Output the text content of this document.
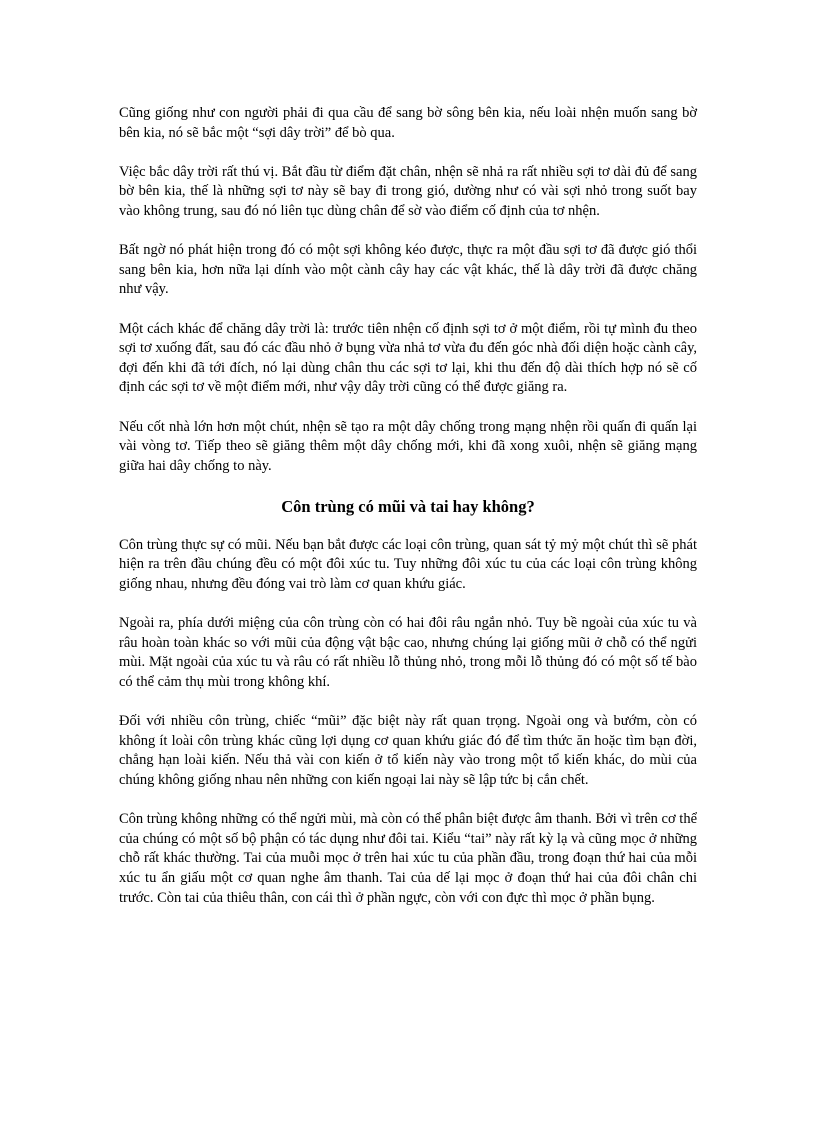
Cũng giống như con người phải đi qua cầu để sang bờ sông bên kia, nếu loài nhện muốn sang bờ bên kia, nó sẽ bắc một “sợi dây trời” để bò qua.

Việc bắc dây trời rất thú vị. Bắt đầu từ điểm đặt chân, nhện sẽ nhả ra rất nhiều sợi tơ dài đủ để sang bờ bên kia, thế là những sợi tơ này sẽ bay đi trong gió, dường như có vài sợi nhỏ trong suốt bay vào không trung, sau đó nó liên tục dùng chân để sờ vào điểm cố định của tơ nhện.

Bất ngờ nó phát hiện trong đó có một sợi không kéo được, thực ra một đầu sợi tơ đã được gió thổi sang bên kia, hơn nữa lại dính vào một cành cây hay các vật khác, thế là dây trời đã được chăng như vậy.

Một cách khác để chăng dây trời là: trước tiên nhện cố định sợi tơ ở một điểm, rồi tự mình đu theo sợi tơ xuống đất, sau đó các đầu nhỏ ở bụng vừa nhả tơ vừa đu đến góc nhà đối diện hoặc cành cây, đợi đến khi đã tới đích, nó lại dùng chân thu các sợi tơ lại, khi thu đến độ dài thích hợp nó sẽ cố định các sợi tơ về một điểm mới, như vậy dây trời cũng có thể được giăng ra.

Nếu cốt nhà lớn hơn một chút, nhện sẽ tạo ra một dây chống trong mạng nhện rồi quấn đi quấn lại vài vòng tơ. Tiếp theo sẽ giăng thêm một dây chống mới, khi đã xong xuôi, nhện sẽ giăng mạng giữa hai dây chống to này.

Côn trùng có mũi và tai hay không?

Côn trùng thực sự có mũi. Nếu bạn bắt được các loại côn trùng, quan sát tỷ mỷ một chút thì sẽ phát hiện ra trên đầu chúng đều có một đôi xúc tu. Tuy những đôi xúc tu của các loại côn trùng không giống nhau, nhưng đều đóng vai trò làm cơ quan khứu giác.

Ngoài ra, phía dưới miệng của côn trùng còn có hai đôi râu ngắn nhỏ. Tuy bề ngoài của xúc tu và râu hoàn toàn khác so với mũi của động vật bậc cao, nhưng chúng lại giống mũi ở chỗ có thể ngửi mùi. Mặt ngoài của xúc tu và râu có rất nhiều lỗ thủng nhỏ, trong mỗi lỗ thủng đó có một số tế bào có thể cảm thụ mùi trong không khí.

Đối với nhiều côn trùng, chiếc “mũi” đặc biệt này rất quan trọng. Ngoài ong và bướm, còn có không ít loài côn trùng khác cũng lợi dụng cơ quan khứu giác đó để tìm thức ăn hoặc tìm bạn đời, chẳng hạn loài kiến. Nếu thả vài con kiến ở tổ kiến này vào trong một tổ kiến khác, do mùi của chúng không giống nhau nên những con kiến ngoại lai này sẽ lập tức bị cắn chết.

Côn trùng không những có thể ngửi mùi, mà còn có thể phân biệt được âm thanh. Bởi vì trên cơ thể của chúng có một số bộ phận có tác dụng như đôi tai. Kiểu “tai” này rất kỳ lạ và cũng mọc ở những chỗ rất khác thường. Tai của muỗi mọc ở trên hai xúc tu của phần đầu, trong đoạn thứ hai của mỗi xúc tu ẩn giấu một cơ quan nghe âm thanh. Tai của dế lại mọc ở đoạn thứ hai của đôi chân chi trước. Còn tai của thiêu thân, con cái thì ở phần ngực, còn với con đực thì mọc ở phần bụng.
